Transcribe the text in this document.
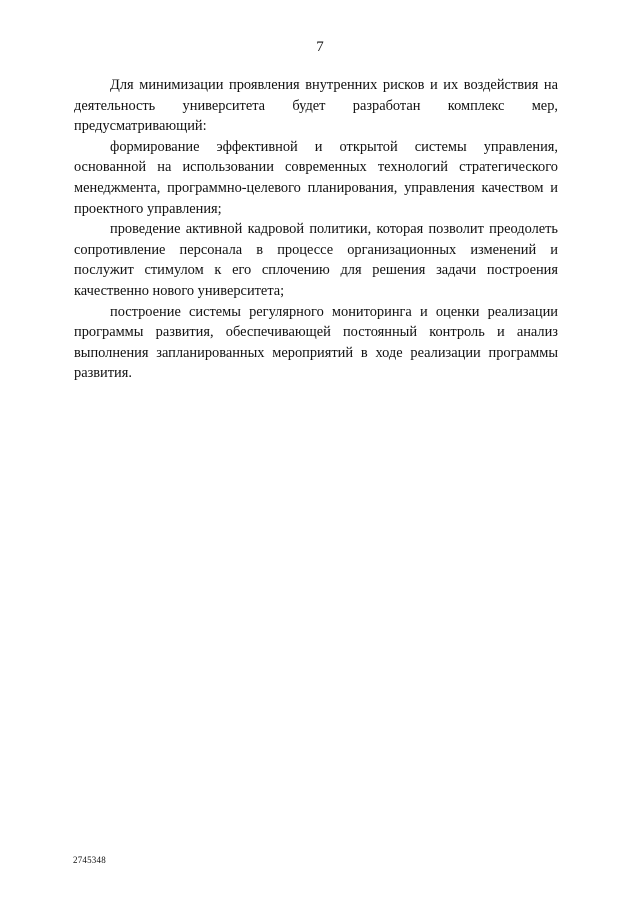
7

Для минимизации проявления внутренних рисков и их воздействия на деятельность университета будет разработан комплекс мер, предусматривающий:

формирование эффективной и открытой системы управления, основанной на использовании современных технологий стратегического менеджмента, программно-целевого планирования, управления качеством и проектного управления;

проведение активной кадровой политики, которая позволит преодолеть сопротивление персонала в процессе организационных изменений и послужит стимулом к его сплочению для решения задачи построения качественно нового университета;

построение системы регулярного мониторинга и оценки реализации программы развития, обеспечивающей постоянный контроль и анализ выполнения запланированных мероприятий в ходе реализации программы развития.

2745348
